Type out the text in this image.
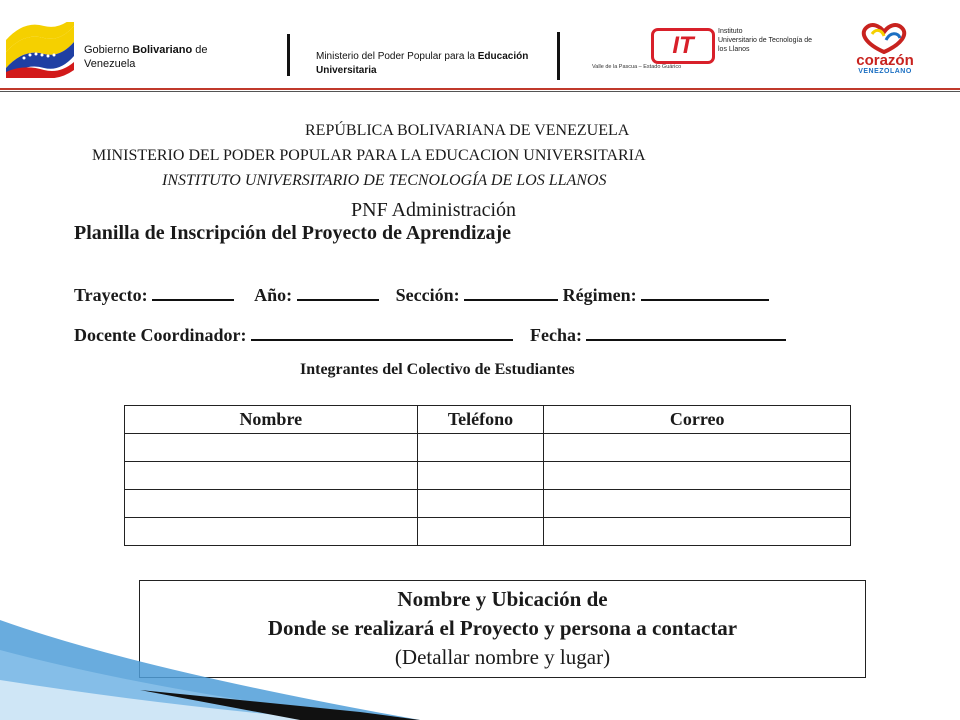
Gobierno Bolivariano de
Venezuela
Ministerio del Poder Popular para la Educación
Universitaria
IT
Instituto
Universitario de Tecnología de
los Llanos
Valle de la Pascua – Estado Guárico	corazón
VENEZOLANO
REPÚBLICA BOLIVARIANA DE VENEZUELA
MINISTERIO DEL PODER POPULAR PARA LA EDUCACION UNIVERSITARIA
INSTITUTO UNIVERSITARIO DE TECNOLOGÍA DE LOS LLANOS
PNF Administración
Planilla de Inscripción del Proyecto de Aprendizaje
Trayecto:	Año:	Sección:	Régimen:
Docente Coordinador:	Fecha:
Integrantes del Colectivo de Estudiantes
Nombre	Teléfono	Correo

Nombre y Ubicación de
Donde se realizará el Proyecto y persona a contactar
(Detallar nombre y lugar)
